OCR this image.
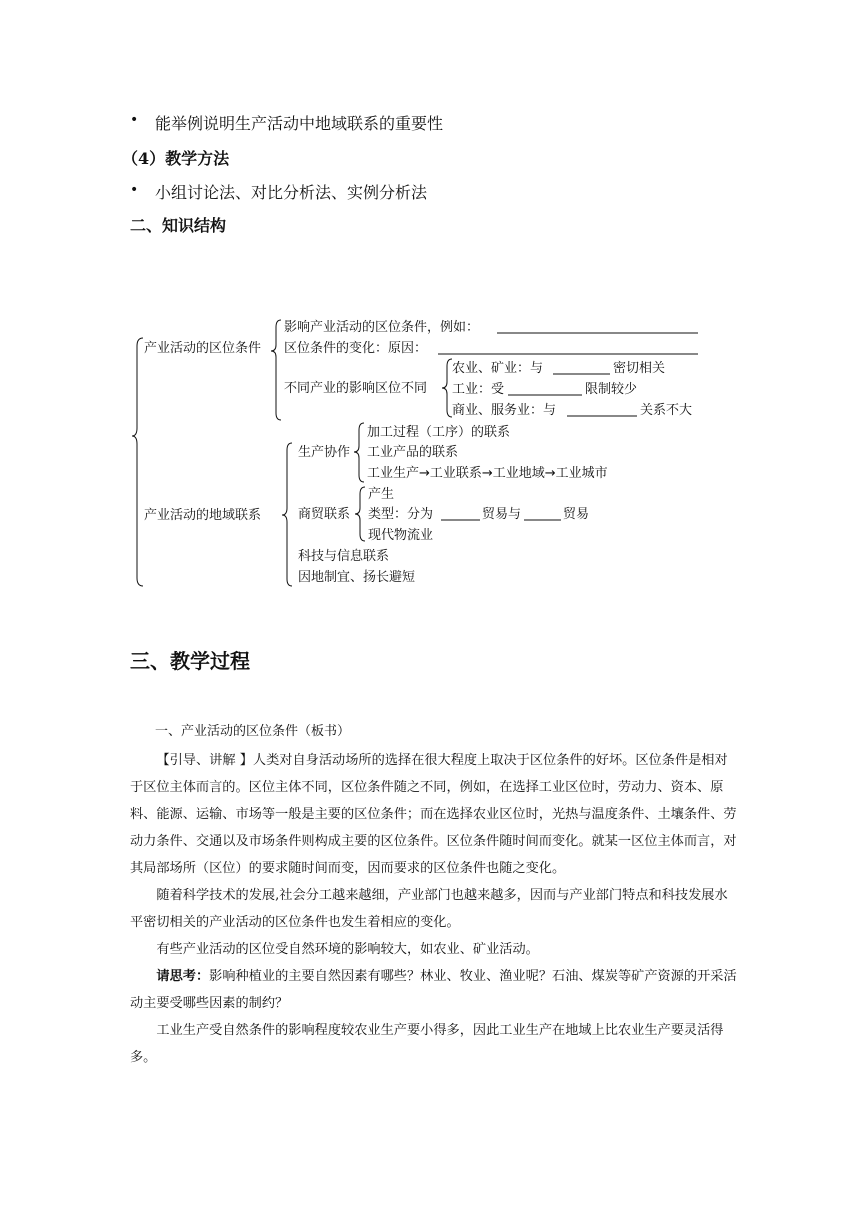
• 能举例说明生产活动中地域联系的重要性
（4）教学方法
• 小组讨论法、对比分析法、实例分析法
二、知识结构
产业活动的区位条件
影响产业活动的区位条件，例如：
区位条件的变化：原因：
不同产业的影响区位不同
农业、矿业：与	密切相关
工业：受	限制较少
商业、服务业：与	关系不大
产业活动的地域联系
生产协作
加工过程（工序）的联系
工业产品的联系
工业生产→工业联系→工业地域→工业城市
商贸联系
产生
类型：分为	贸易与	贸易
现代物流业
科技与信息联系
因地制宜、扬长避短
三、教学过程
一、产业活动的区位条件（板书）

【引导、讲解 】人类对自身活动场所的选择在很大程度上取决于区位条件的好坏。区位条件是相对于区位主体而言的。区位主体不同，区位条件随之不同，例如，在选择工业区位时，劳动力、资本、原料、能源、运输、市场等一般是主要的区位条件；而在选择农业区位时，光热与温度条件、土壤条件、劳动力条件、交通以及市场条件则构成主要的区位条件。区位条件随时间而变化。就某一区位主体而言，对其局部场所（区位）的要求随时间而变，因而要求的区位条件也随之变化。

随着科学技术的发展,社会分工越来越细，产业部门也越来越多，因而与产业部门特点和科技发展水平密切相关的产业活动的区位条件也发生着相应的变化。

有些产业活动的区位受自然环境的影响较大，如农业、矿业活动。

请思考：影响种植业的主要自然因素有哪些？林业、牧业、渔业呢？石油、煤炭等矿产资源的开采活动主要受哪些因素的制约？

工业生产受自然条件的影响程度较农业生产要小得多，因此工业生产在地域上比农业生产要灵活得多。
